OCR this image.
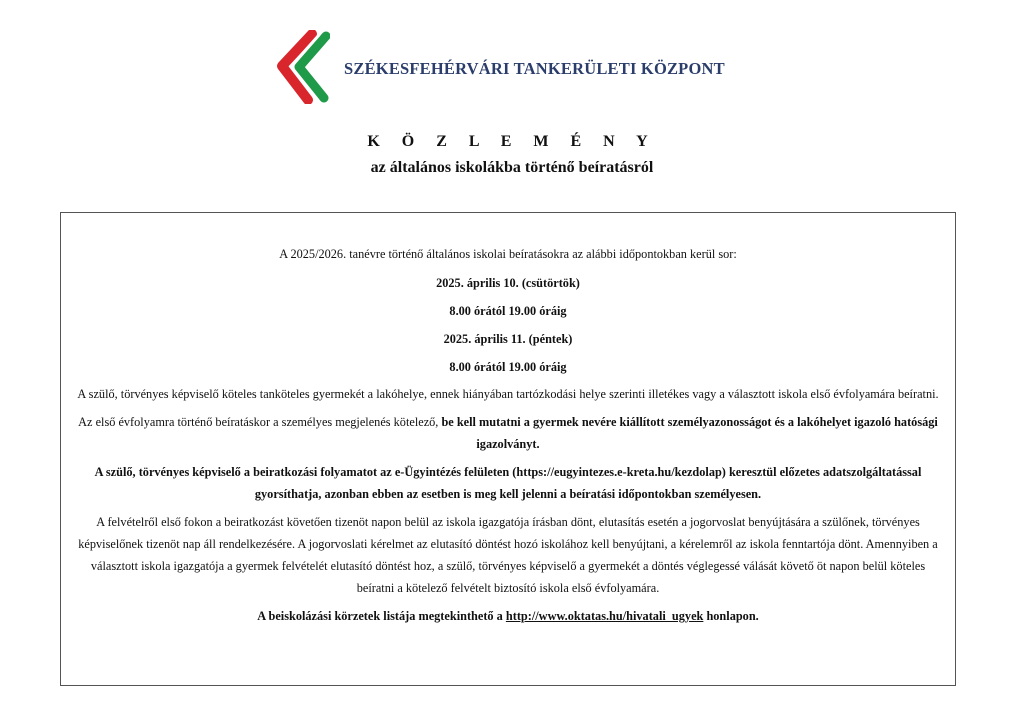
SZÉKESFEHÉRVÁRI TANKERÜLETI KÖZPONT
K Ö Z L E M É N Y
az általános iskolákba történő beíratásról

A 2025/2026. tanévre történő általános iskolai beíratásokra az alábbi időpontokban kerül sor:

2025. április 10. (csütörtök)

8.00 órától 19.00 óráig

2025. április 11. (péntek)

8.00 órától 19.00 óráig

A szülő, törvényes képviselő köteles tanköteles gyermekét a lakóhelye, ennek hiányában tartózkodási helye szerinti illetékes vagy a választott iskola első évfolyamára beíratni.

Az első évfolyamra történő beíratáskor a személyes megjelenés kötelező, be kell mutatni a gyermek nevére kiállított személyazonosságot és a lakóhelyet igazoló hatósági igazolványt.

A szülő, törvényes képviselő a beiratkozási folyamatot az e-Ügyintézés felületen (https://eugyintezes.e-kreta.hu/kezdolap) keresztül előzetes adatszolgáltatással gyorsíthatja, azonban ebben az esetben is meg kell jelenni a beíratási időpontokban személyesen.

A felvételről első fokon a beiratkozást követően tizenöt napon belül az iskola igazgatója írásban dönt, elutasítás esetén a jogorvoslat benyújtására a szülőnek, törvényes képviselőnek tizenöt nap áll rendelkezésére. A jogorvoslati kérelmet az elutasító döntést hozó iskolához kell benyújtani, a kérelemről az iskola fenntartója dönt. Amennyiben a választott iskola igazgatója a gyermek felvételét elutasító döntést hoz, a szülő, törvényes képviselő a gyermekét a döntés véglegessé válását követő öt napon belül köteles beíratni a kötelező felvételt biztosító iskola első évfolyamára.

A beiskolázási körzetek listája megtekinthető a http://www.oktatas.hu/hivatali_ugyek honlapon.
